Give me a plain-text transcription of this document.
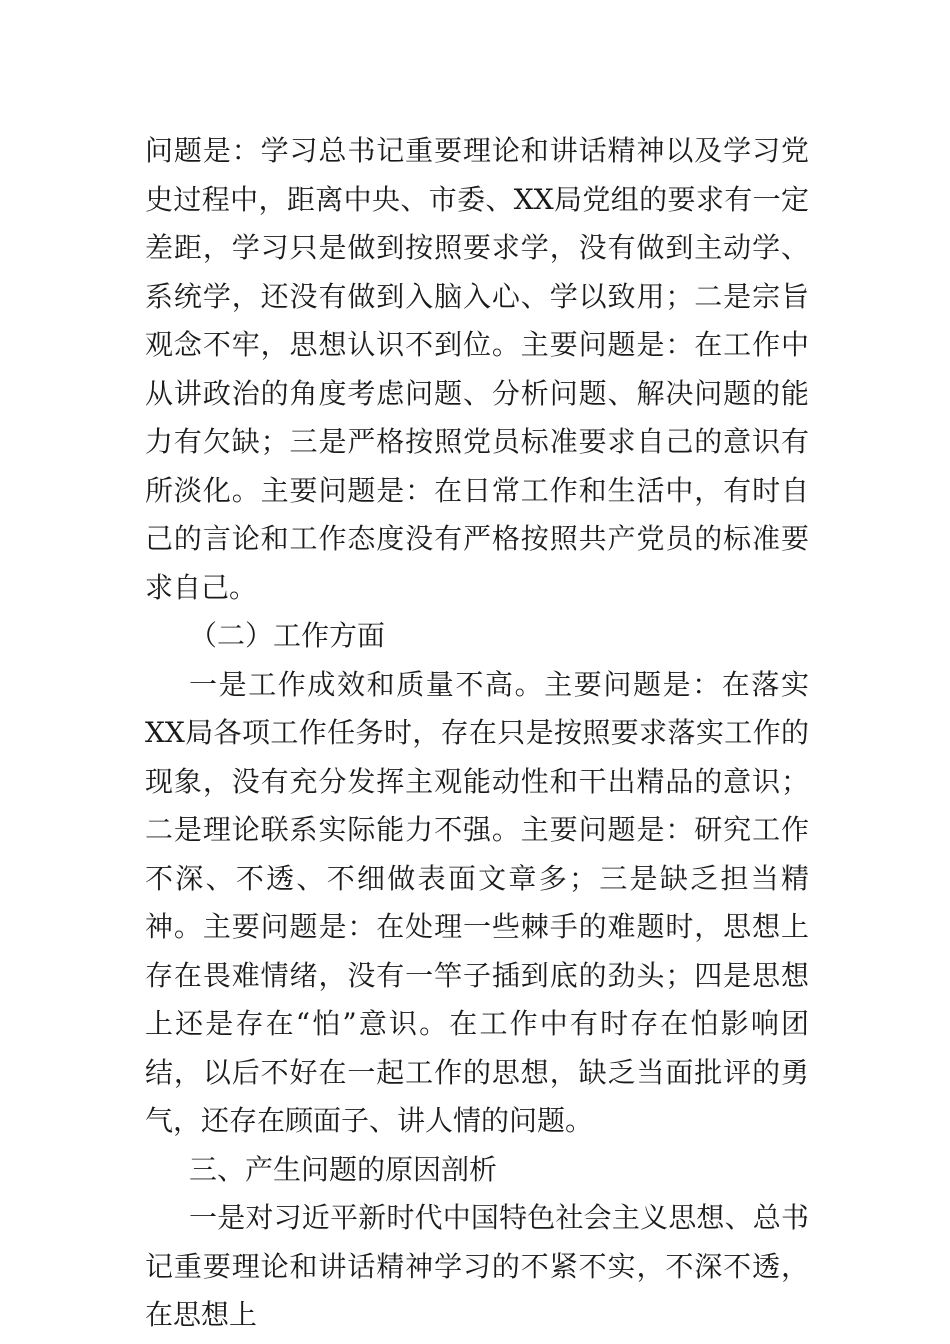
问题是：学习总书记重要理论和讲话精神以及学习党史过程中，距离中央、市委、XX局党组的要求有一定差距，学习只是做到按照要求学，没有做到主动学、系统学，还没有做到入脑入心、学以致用；二是宗旨观念不牢，思想认识不到位。主要问题是：在工作中从讲政治的角度考虑问题、分析问题、解决问题的能力有欠缺；三是严格按照党员标准要求自己的意识有所淡化。主要问题是：在日常工作和生活中，有时自己的言论和工作态度没有严格按照共产党员的标准要求自己。

（二）工作方面

一是工作成效和质量不高。主要问题是：在落实XX局各项工作任务时，存在只是按照要求落实工作的现象，没有充分发挥主观能动性和干出精品的意识；二是理论联系实际能力不强。主要问题是：研究工作不深、不透、不细做表面文章多；三是缺乏担当精神。主要问题是：在处理一些棘手的难题时，思想上存在畏难情绪，没有一竿子插到底的劲头；四是思想上还是存在“怕”意识。在工作中有时存在怕影响团结，以后不好在一起工作的思想，缺乏当面批评的勇气，还存在顾面子、讲人情的问题。

三、产生问题的原因剖析

一是对习近平新时代中国特色社会主义思想、总书记重要理论和讲话精神学习的不紧不实，不深不透，在思想上
